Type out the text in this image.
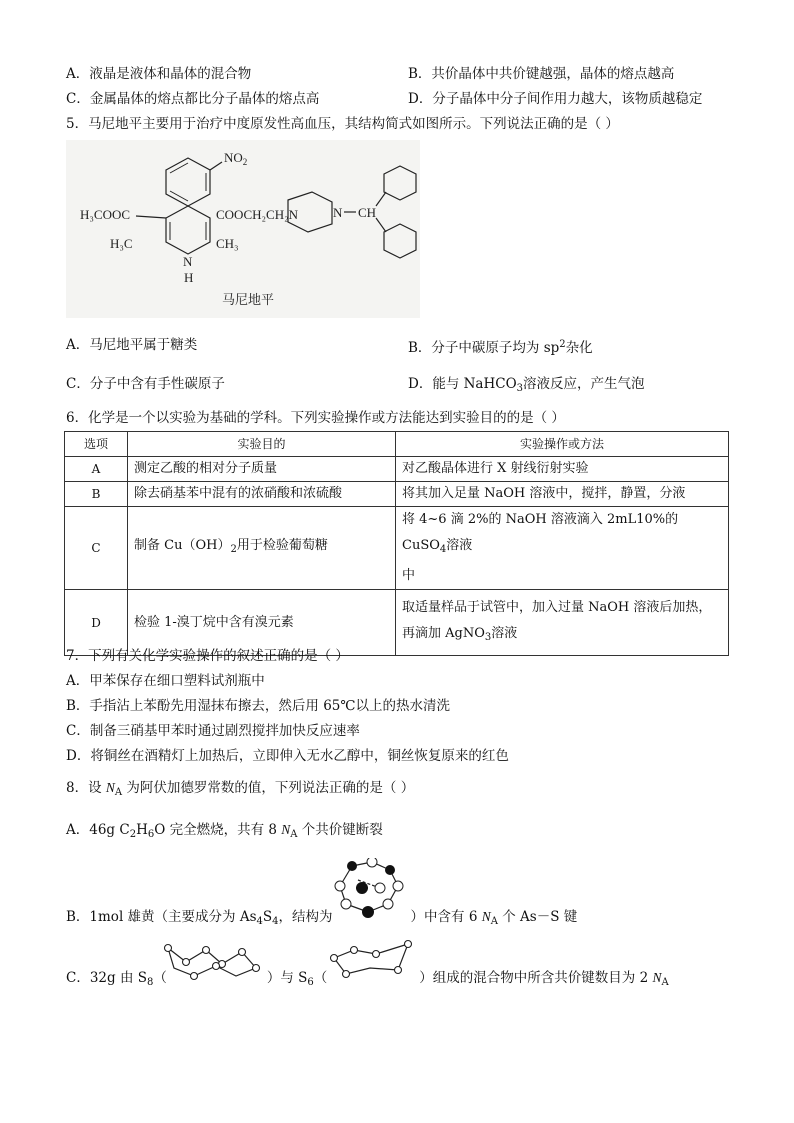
A．液晶是液体和晶体的混合物	B．共价晶体中共价键越强，晶体的熔点越高
C．金属晶体的熔点都比分子晶体的熔点高	D．分子晶体中分子间作用力越大，该物质越稳定
5．马尼地平主要用于治疗中度原发性高血压，其结构简式如图所示。下列说法正确的是（ ）
$NO_2$
H₃COOC	COOCH₂CH₂N
H₃C	CH₃
N
H
N CH
马尼地平
A．马尼地平属于糖类	B．分子中碳原子均为 $sp^2$杂化
C．分子中含有手性碳原子	D．能与 NaHCO$_3$溶液反应，产生气泡
6．化学是一个以实验为基础的学科。下列实验操作或方法能达到实验目的的是（ ）
选项	实验目的	实验操作或方法
A	测定乙酸的相对分子质量	对乙酸晶体进行 X 射线衍射实验
B	除去硝基苯中混有的浓硝酸和浓硫酸	将其加入足量 NaOH 溶液中，搅拌，静置，分液
C	制备 $Cu(OH)_2$用于检验葡萄糖	将 4~6 滴 2%的 NaOH 溶液滴入 2mL10%的 CuSO$_4$溶液
中
D	检验 1-溴丁烷中含有溴元素	取适量样品于试管中，加入过量 NaOH 溶液后加热，
再滴加 AgNO$_3$溶液
7．下列有关化学实验操作的叙述正确的是（ ）
A．甲苯保存在细口塑料试剂瓶中
B．手指沾上苯酚先用湿抹布擦去，然后用 65℃以上的热水清洗
C．制备三硝基甲苯时通过剧烈搅拌加快反应速率
D．将铜丝在酒精灯上加热后，立即伸入无水乙醇中，铜丝恢复原来的红色
8．设 $N_A$ 为阿伏加德罗常数的值，下列说法正确的是（ ）
A．46g $C_2H_6O$ 完全燃烧，共有 8 $N_A$ 个共价键断裂
B．1mol 雄黄（主要成分为 $As_4S_4$，结构为	）中含有 6 $N_A$ 个 As－S 键
C．32g 由 $S_8$（	）与 $S_6$（	）组成的混合物中所含共价键数目为 2 $N_A$
